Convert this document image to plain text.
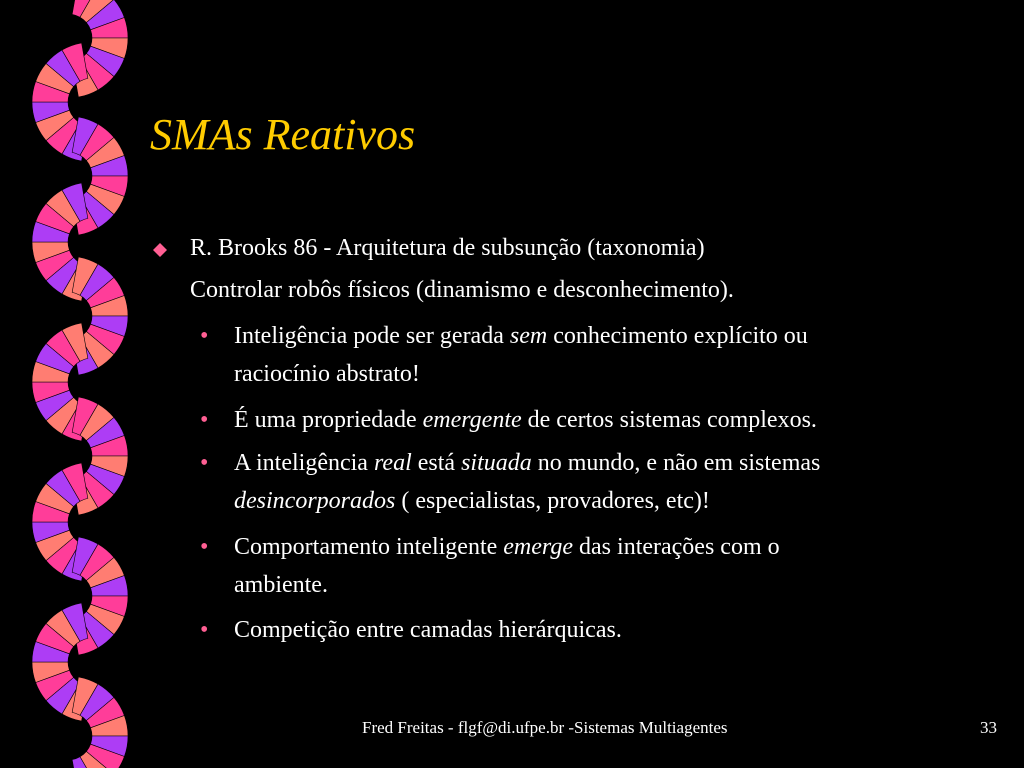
SMAs Reativos
R. Brooks 86 - Arquitetura de subsunção (taxonomia)
Controlar robôs físicos (dinamismo e desconhecimento).
• Inteligência pode ser gerada sem conhecimento explícito ou
raciocínio abstrato!
• É uma propriedade emergente de certos sistemas complexos.
• A inteligência real está situada no mundo, e não em sistemas
desincorporados ( especialistas, provadores, etc)!
• Comportamento inteligente emerge das interações com o
ambiente.
• Competição entre camadas hierárquicas.
Fred Freitas - flgf@di.ufpe.br -Sistemas Multiagentes	33
